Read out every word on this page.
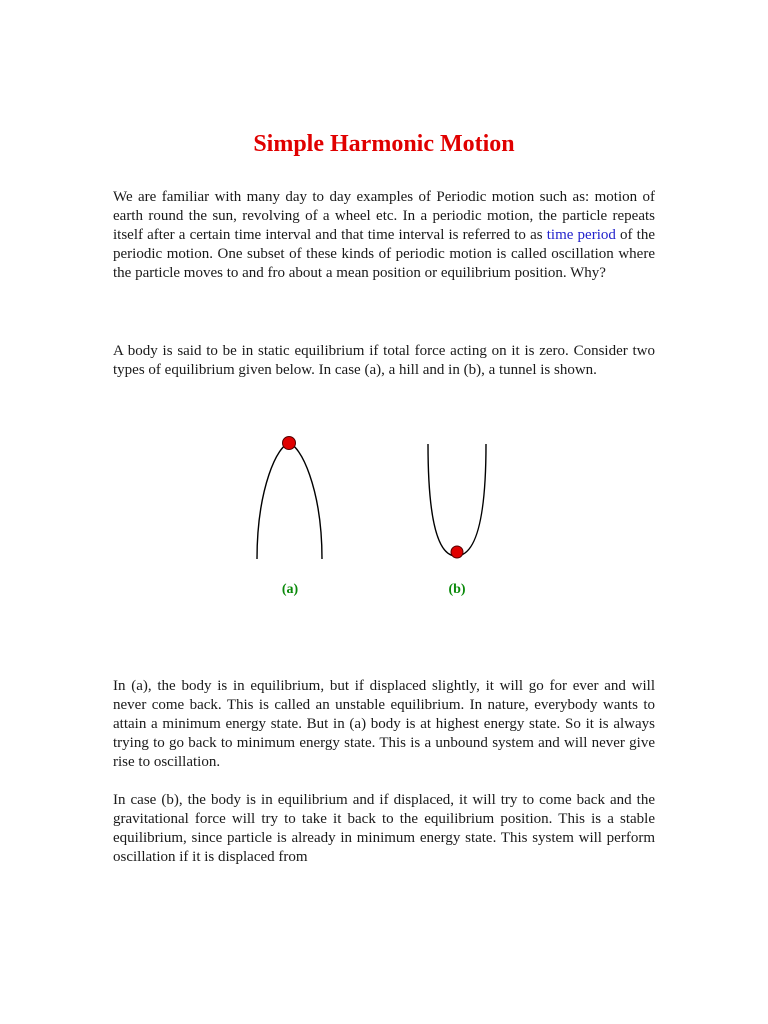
Simple Harmonic Motion

We are familiar with many day to day examples of Periodic motion such as: motion of earth round the sun, revolving of a wheel etc. In a periodic motion, the particle repeats itself after a certain time interval and that time interval is referred to as time period of the periodic motion. One subset of these kinds of periodic motion is called oscillation where the particle moves to and fro about a mean position or equilibrium position. Why?

A body is said to be in static equilibrium if total force acting on it is zero. Consider two types of equilibrium given below. In case (a), a hill and in (b), a tunnel is shown.

In (a), the body is in equilibrium, but if displaced slightly, it will go for ever and will never come back. This is called an unstable equilibrium. In nature, everybody wants to attain a minimum energy state. But in (a) body is at highest energy state. So it is always trying to go back to minimum energy state. This is a unbound system and will never give rise to oscillation.

In case (b), the body is in equilibrium and if displaced, it will try to come back and the gravitational force will try to take it back to the equilibrium position. This is a stable equilibrium, since particle is already in minimum energy state. This system will perform oscillation if it is displaced from

(a)	(b)
